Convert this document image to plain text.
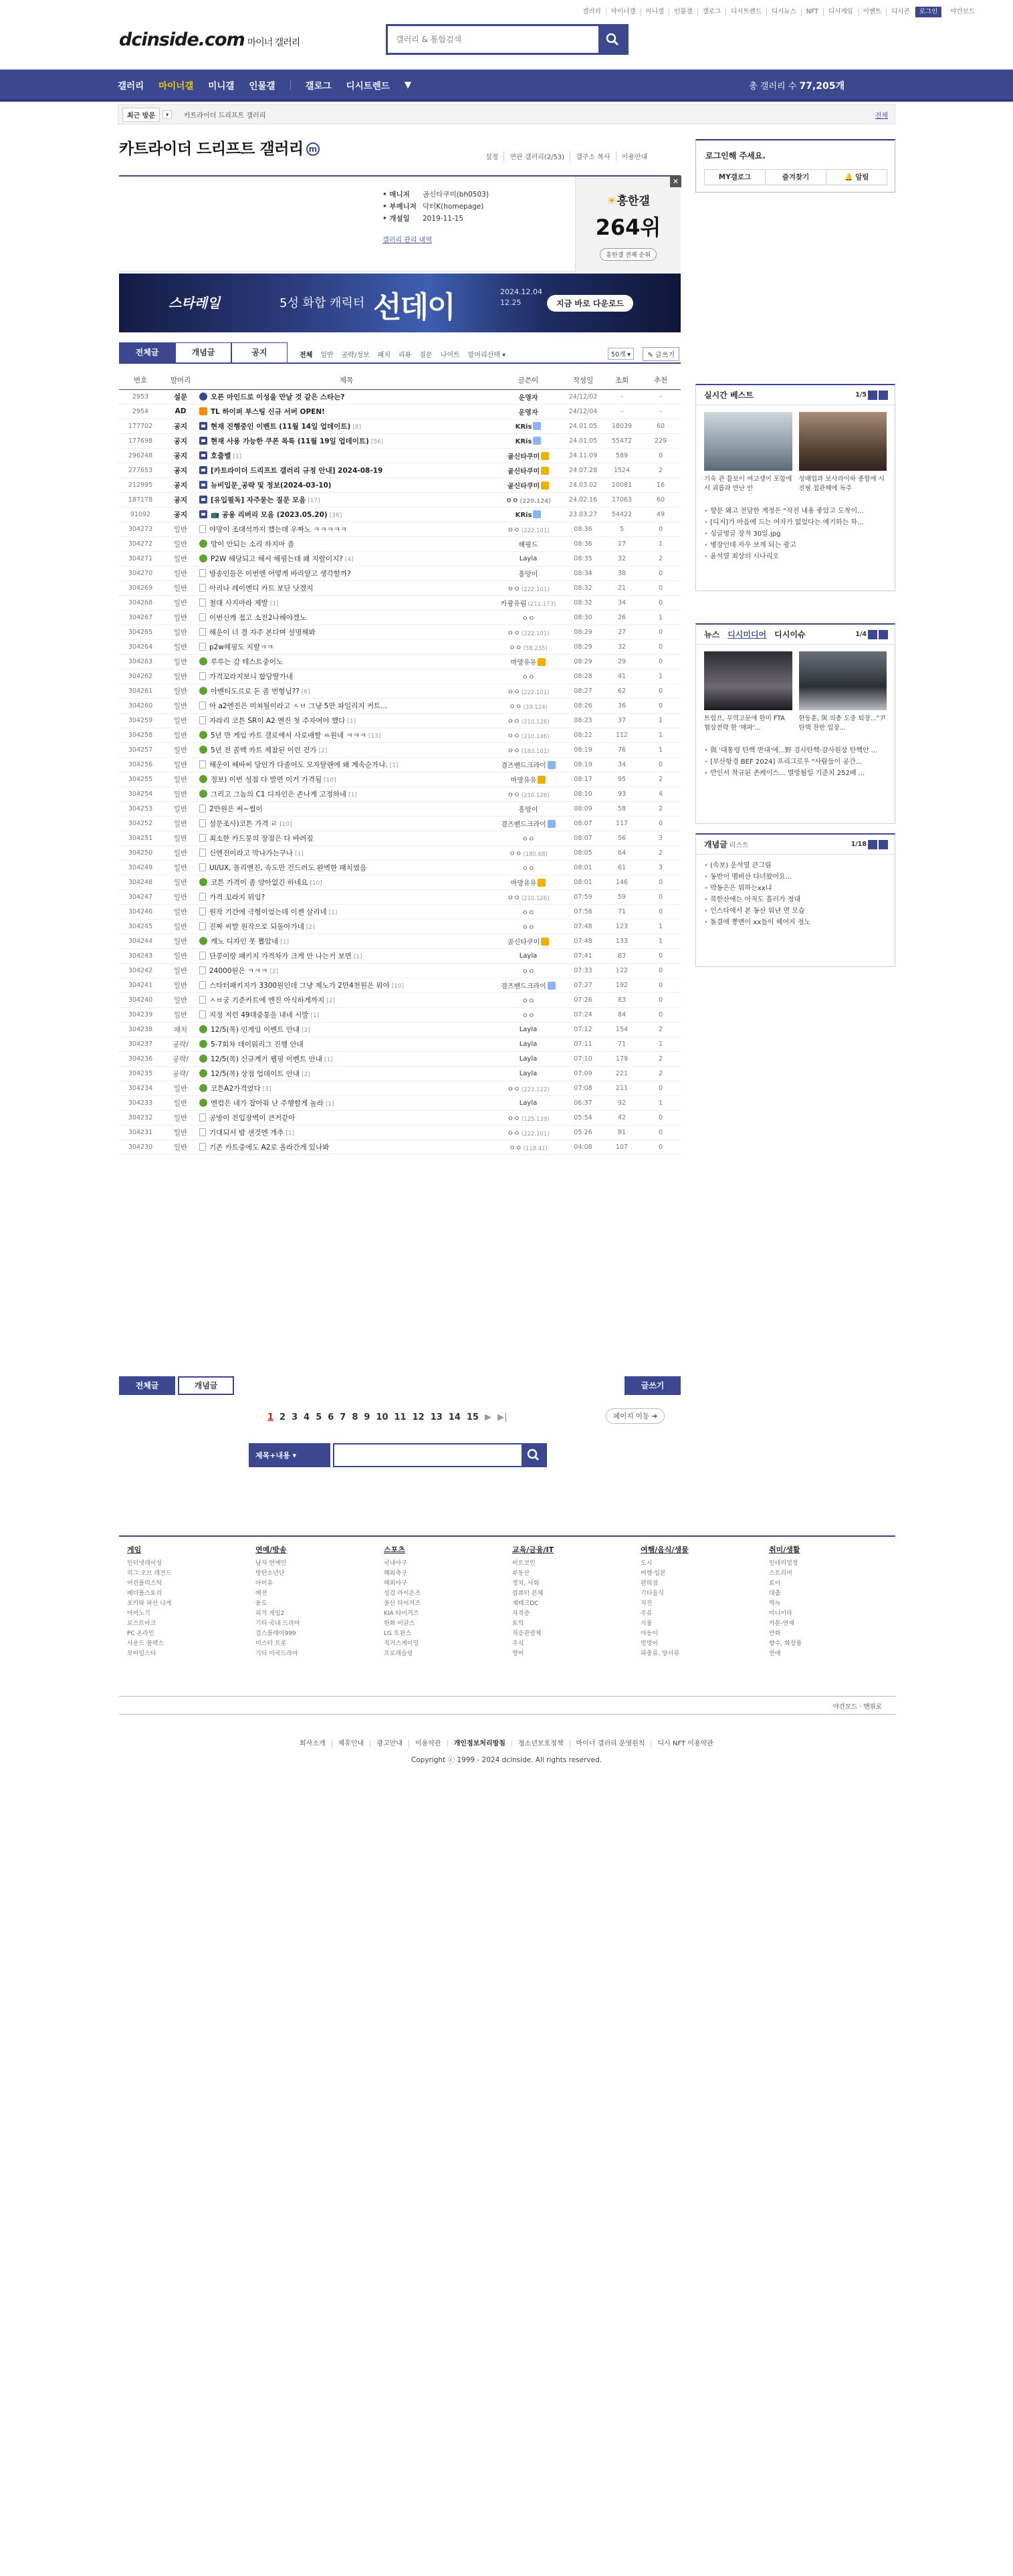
갤러리	마이너갤	미니갤	인물갤	갤로그	디시트렌드	디시뉴스	NFT	디시게임	이벤트	디시콘	로그인	야간모드
dcinside.com 마이너 갤러리
갤러리 & 통합검색
갤러리 마이너갤 미니갤 인물갤	갤로그 디시트렌드 ▼	총 갤러리 수 77,205개
최근 방문	▾	카트라이더 드리프트 갤러리	전체
카트라이더 드리프트 갤러리 m
설정	연관 갤러리(2/53)	갤주소 복사	이용안내
• 매니저 골신타쿠미(bh0503)
• 부매니저 닥터K(homepage)
• 개설일 2019-11-15
갤러리 관리 내역
✕
☀흥한갤
264위
흥한갤 전체 순위
스타레일	5성 화합 캐릭터 선데이	2024.12.04
12.25	지금 바로 다운로드
전체글	개념글	공지	전체 일반 공략/정보 패치 리뷰 질문 나이트 말머리선택 ▾	50개 ▾	✎ 글쓰기
번호	말머리	제목	글쓴이	작성일	조회	추천
2953	설문	오픈 마인드로 이성을 만날 것 같은 스타는?	운영자	24/12/02	-	-
2954	AD	TL 하이퍼 부스팅 신규 서버 OPEN!	운영자	24/12/04	-	-
177702	공지	현재 진행중인 이벤트 (11월 14일 업데이트) [8]	KRis	24.01.05	18039	60
177698	공지	현재 사용 가능한 쿠폰 목록 (11월 19일 업데이트) [56]	KRis	24.01.05	55472	229
296248	공지	호출벨 [1]	골신타쿠미	24.11.09	589	0
277653	공지	[카트라이더 드리프트 갤러리 규정 안내] 2024-08-19	골신타쿠미	24.07.28	1524	2
212995	공지	뉴비입문_공략 및 정보(2024-03-10)	골신타쿠미	24.03.02	10081	16
187178	공지	[유입필독] 자주묻는 질문 모음 [17]	ㅇㅇ (220.124)	24.02.16	17063	60
91092	공지	📺 공용 리버리 모음 (2023.05.20) [36]	KRis	23.03.27	54422	49
304273	일반	야망이 조대석까지 했는데 우짜노 ㅋㅋㅋㅋㅋ	ㅇㅇ (222.101)	08:36	5	0
304272	일반	망이 안되는 소리 하지마 좀	해핑드	08:36	17	1
304271	일반	P2W 해당되고 해서 해핑는데 왜 지랄이지? [4]	Layla	08:35	32	2
304270	일반	방송인들은 이번엔 어떻게 바리알고 생각할까?	흥망이	08:34	38	0
304269	일반	아리나 레이엔디 카트 보단 낫겠지	ㅇㅇ (222.101)	08:32	21	0
304268	일반	철대 사지마라 제발 [1]	카광유림 (211.173)	08:32	34	0
304267	일반	이번신캐 접고 소전2나해야겠노	ㅇㅇ	08:30	26	1
304265	일반	해운이 너 결 자주 본다며 설명해봐	ㅇㅇ (222.101)	08:29	27	0
304264	일반	p2w해핑도 지랄ㅋㅋ	ㅇㅇ (58.235)	08:29	32	0
304263	일반	루루는 감 테스트중이노	마망유유	08:29	29	0
304262	일반	가격꼬라지보니 합당딸가네	ㅇㅇ	08:28	41	1
304261	일반	아벤티도르로 돈 좀 번형님?? [6]	ㅇㅇ (222.101)	08:27	62	0
304260	일반	아 a2엔진은 미쳐될이라고 ㅅㅂ 그냥 5만 파일리지 커트...	ㅇㅇ (39.124)	08:26	36	0
304259	일반	자라리 코튼 SR이 A2 엔진 첫 주자여야 했다 [1]	ㅇㅇ (210.126)	08:23	37	1
304258	일반	5년 만 게임 카트 갤로에서 사로애할 ㅆ원네 ㅋㅋㅋ [13]	ㅇㅇ (210.146)	08:22	112	1
304257	일반	5년 전 콜백 카트 제참된 이런 건가 [2]	ㅇㅇ (183.101)	08:19	76	1
304256	일반	해운이 해바씨 당인가 다졸어도 모자탈랜에 왜 계속순가냐. [1]	겸즈밴드크라이	08:19	34	0
304255	일반	정보) 이번 성점 다 발면 이거 가격됨 [10]	마망유유	08:17	95	2
304254	일반	그리고 그놈의 C1 디자인은 존나게 고정하네 [1]	ㅇㅇ (210.126)	08:10	93	4
304253	일반	2만원은 써~썸이	흥망이	08:09	58	2
304252	일반	설문조사)코튼 가격 ㄹ [10]	겸즈밴드크라이	08:07	117	0
304251	일반	최소한 카드뭉의 장점은 다 바려짐	ㅇㅇ	08:07	56	3
304250	일반	신엔진이라고 막나가는구나 [1]	ㅇㅇ (180.68)	08:05	64	2
304249	일반	UI/UX, 몰리엔진, 속도만 건드려도 완벽한 패치였음	ㅇㅇ	08:01	61	3
304248	일반	코튼 가격이 좀 양아없긴 하네요 [10]	마망유유	08:01	146	0
304247	일반	가격 꼬라지 뭐임?	ㅇㅇ (210.126)	07:59	59	0
304246	일반	원작 기간에 극형이었는데 이젠 살리네 [1]	ㅇㅇ	07:56	71	0
304245	일반	진짜 씨발 원작으로 되돌아가네 [2]	ㅇㅇ	07:48	123	1
304244	일반	캐노 디자인 못 뽑았네 [1]	골신타쿠미	07:48	133	1
304243	일반	단콩이랑 패키지 가격차가 크게 안 나는거 보면 [1]	Layla	07:41	83	0
304242	일반	24000원은 ㅋㅋㅋ [2]	ㅇㅇ	07:33	122	0
304241	일반	스타터패키지가 3300원인데 그냥 제노가 2만4천원은 뭐야 [10]	겸즈밴드크라이	07:27	192	0
304240	일반	ㅅㅂ궁 기준카트에 엔진 아식하게까지 [2]	ㅇㅇ	07:26	83	0
304239	일반	지정 저런 49대중통을 내네 시발 [1]	ㅇㅇ	07:24	84	0
304238	패치	12/5(목) 인게임 이벤트 안내 [2]	Layla	07:12	154	2
304237	공략/	5-7회차 데이워리그 진행 안내	Layla	07:11	71	1
304236	공략/	12/5(목) 신규계기 웹핑 이벤트 안내 [1]	Layla	07:10	179	2
304235	공략/	12/5(목) 상점 업데이트 안내 [2]	Layla	07:09	221	2
304234	일반	코튼A2가격었다 [3]	ㅇㅇ (223.122)	07:08	211	0
304233	일반	엔컴은 네가 잡아줘 난 주행할게 놀라 [1]	Layla	06:37	92	1
304232	일반	공방이 진입장벽이 큰거같아	ㅇㅇ (125.139)	05:54	42	0
304231	일반	기대되서 밤 샌것엔 개추 [1]	ㅇㅇ (222.101)	05:26	81	0
304230	일반	기존 카트중에도 A2로 올라간게 있나봐	ㅇㅇ (118.41)	04:08	107	0
전체글	개념글	글쓰기
1 2 3 4 5 6 7 8 9 10 11 12 13 14 15 ▶ ▶|	페이지 이동 ➔
제목+내용 ▾
로그인해 주세요.
MY갤로그	즐겨찾기	🔔 알림
실시간 베스트	1/5
기숙 관 틈보이 여고생이 포함에서 괴롭과 만난 안
성매업과 보사라이하 종합에 시진핑 접관해에 독주
• 향문 왜고 전담한 계정은 "작전 내용 좋았고 도착이...
• [디저]가 마음에 드는 여자가 없었다는 예기하는 하...
• 싱글벙글 장적 30일.jpg
• 병장인데 자우 보게 되는 광고
• 윤석열 최상의 시나리오
뉴스 디시미디어 디시이슈	1/4
트럼프, 무역고문에 한미 FTA 협상전략 한 '매파'...
한동훈, 與 의총 도중 퇴장..."尹 탄핵 찬반 입장...
• 與 '대통령 탄핵 반대'에...野 검사탄핵·감사원장 탄핵안 ...
• [부산항경 BEF 2024] 프리그로우 "사람들이 공간...
• 반인서 착규된 존케이스... 멸망될일 기준치 252배 ...
개념글 리스트	1/18
• (속보) 운석열 큰그림
• 동반이 멤버산 다녀왔어요...
• 박동은은 뭐하는xx냐
• 북한산에는 아직도 흘러가 정대
• 인스타에서 본 동산 뭐냔 면 모습
• 돌결에 뽕맨이 xx들이 헤어지 정노
게임
인터넷레이싱
리그 오브 레전드
어린폴리스틱
패더폴스토리
포카와 파선 나게
마비노기
로스트아크
PC 온라인
사운드 볼렉스
모바일스타
연예/방송
남자 연예인
방탄소년단
아이유
예전
윤도
피겨 게임2
기타 국내 드라마
걸스플레이999
미스터 트롯
기타 미국드라마
스포츠
국내야구
해외축구
해외야구
성검 라이온즈
울산 타이거즈
KIA 타이거즈
한화 이글스
LG 트윈스
직거스게이밍
프로레슬링
교육/금융/IT
비트코인
부동산
정치, 사회
컴퓨터 본체
재태크DC
자격증
토익
적응관광체
주식
영어
여행/음식/생물
도시
여행·일본
편의점
기타음식
지진
주유
식물
야동이
멍멍이
파충류, 양서류
취미/생활
인테리얼정
스트리머
토이
대출
역녹
미니이라
카툰-연재
만화
향수, 화장품
연애
야간모드 · 맨위로
회사소개 제휴안내 광고안내 이용약관 개인정보처리방침 청소년보호정책 마이너 갤러리 운영원칙 디시 NFT 이용약관
Copyright ⓒ 1999 - 2024 dcinside. All rights reserved.
